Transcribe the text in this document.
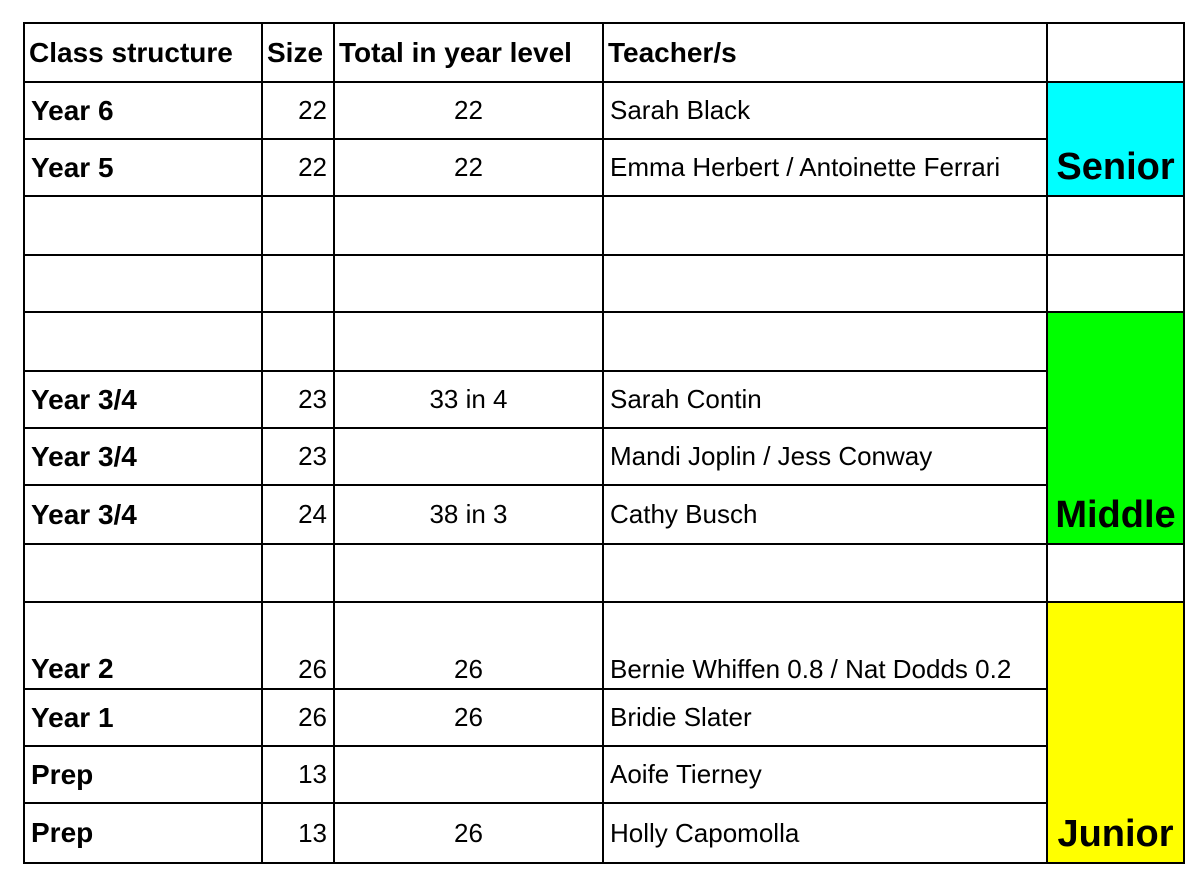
Class structure	Size	Total in year level	Teacher/s	
Year 6	22	22	Sarah Black	Senior
Year 5	22	22	Emma Herbert / Antoinette Ferrari	

				Middle
Year 3/4	23	33 in 4	Sarah Contin	
Year 3/4	23		Mandi Joplin / Jess Conway	
Year 3/4	24	38 in 3	Cathy Busch	

Year 2	26	26	Bernie Whiffen 0.8 / Nat Dodds 0.2	Junior
Year 1	26	26	Bridie Slater	
Prep	13		Aoife Tierney	
Prep	13	26	Holly Capomolla	
